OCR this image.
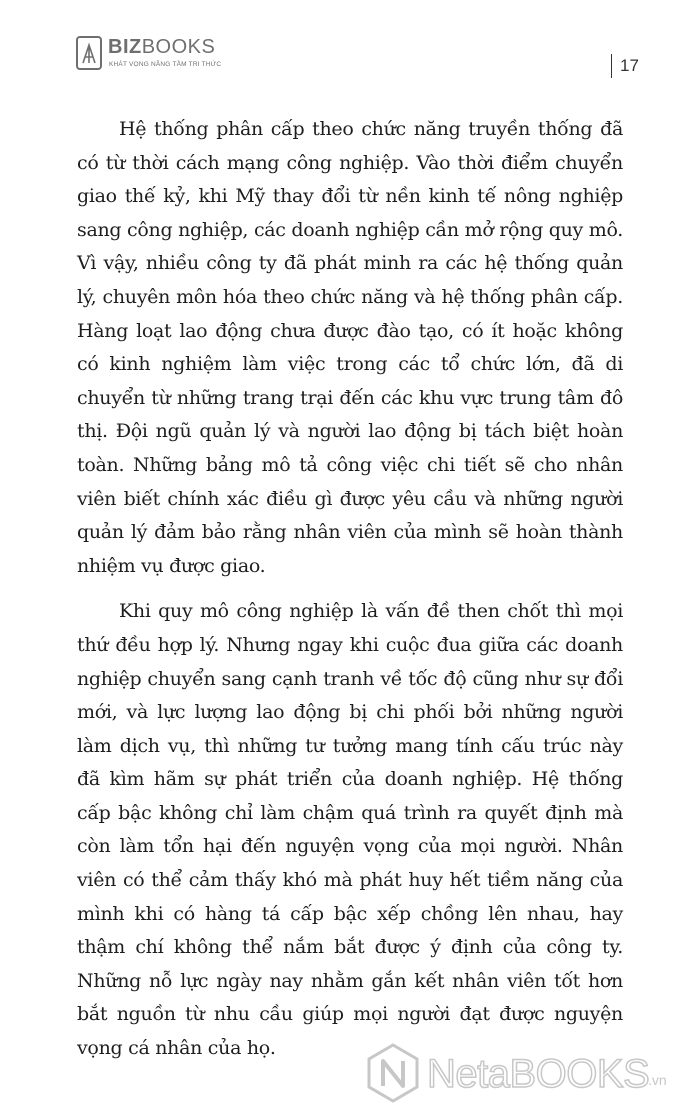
BIZBOOKS
KHÁT VỌNG NÂNG TẦM TRI THỨC	17

Hệ thống phân cấp theo chức năng truyền thống đã có từ thời cách mạng công nghiệp. Vào thời điểm chuyển giao thế kỷ, khi Mỹ thay đổi từ nền kinh tế nông nghiệp sang công nghiệp, các doanh nghiệp cần mở rộng quy mô. Vì vậy, nhiều công ty đã phát minh ra các hệ thống quản lý, chuyên môn hóa theo chức năng và hệ thống phân cấp. Hàng loạt lao động chưa được đào tạo, có ít hoặc không có kinh nghiệm làm việc trong các tổ chức lớn, đã di chuyển từ những trang trại đến các khu vực trung tâm đô thị. Đội ngũ quản lý và người lao động bị tách biệt hoàn toàn. Những bảng mô tả công việc chi tiết sẽ cho nhân viên biết chính xác điều gì được yêu cầu và những người quản lý đảm bảo rằng nhân viên của mình sẽ hoàn thành nhiệm vụ được giao.

Khi quy mô công nghiệp là vấn đề then chốt thì mọi thứ đều hợp lý. Nhưng ngay khi cuộc đua giữa các doanh nghiệp chuyển sang cạnh tranh về tốc độ cũng như sự đổi mới, và lực lượng lao động bị chi phối bởi những người làm dịch vụ, thì những tư tưởng mang tính cấu trúc này đã kìm hãm sự phát triển của doanh nghiệp. Hệ thống cấp bậc không chỉ làm chậm quá trình ra quyết định mà còn làm tổn hại đến nguyện vọng của mọi người. Nhân viên có thể cảm thấy khó mà phát huy hết tiềm năng của mình khi có hàng tá cấp bậc xếp chồng lên nhau, hay thậm chí không thể nắm bắt được ý định của công ty. Những nỗ lực ngày nay nhằm gắn kết nhân viên tốt hơn bắt nguồn từ nhu cầu giúp mọi người đạt được nguyện vọng cá nhân của họ.

NetaBOOKS
.vn
